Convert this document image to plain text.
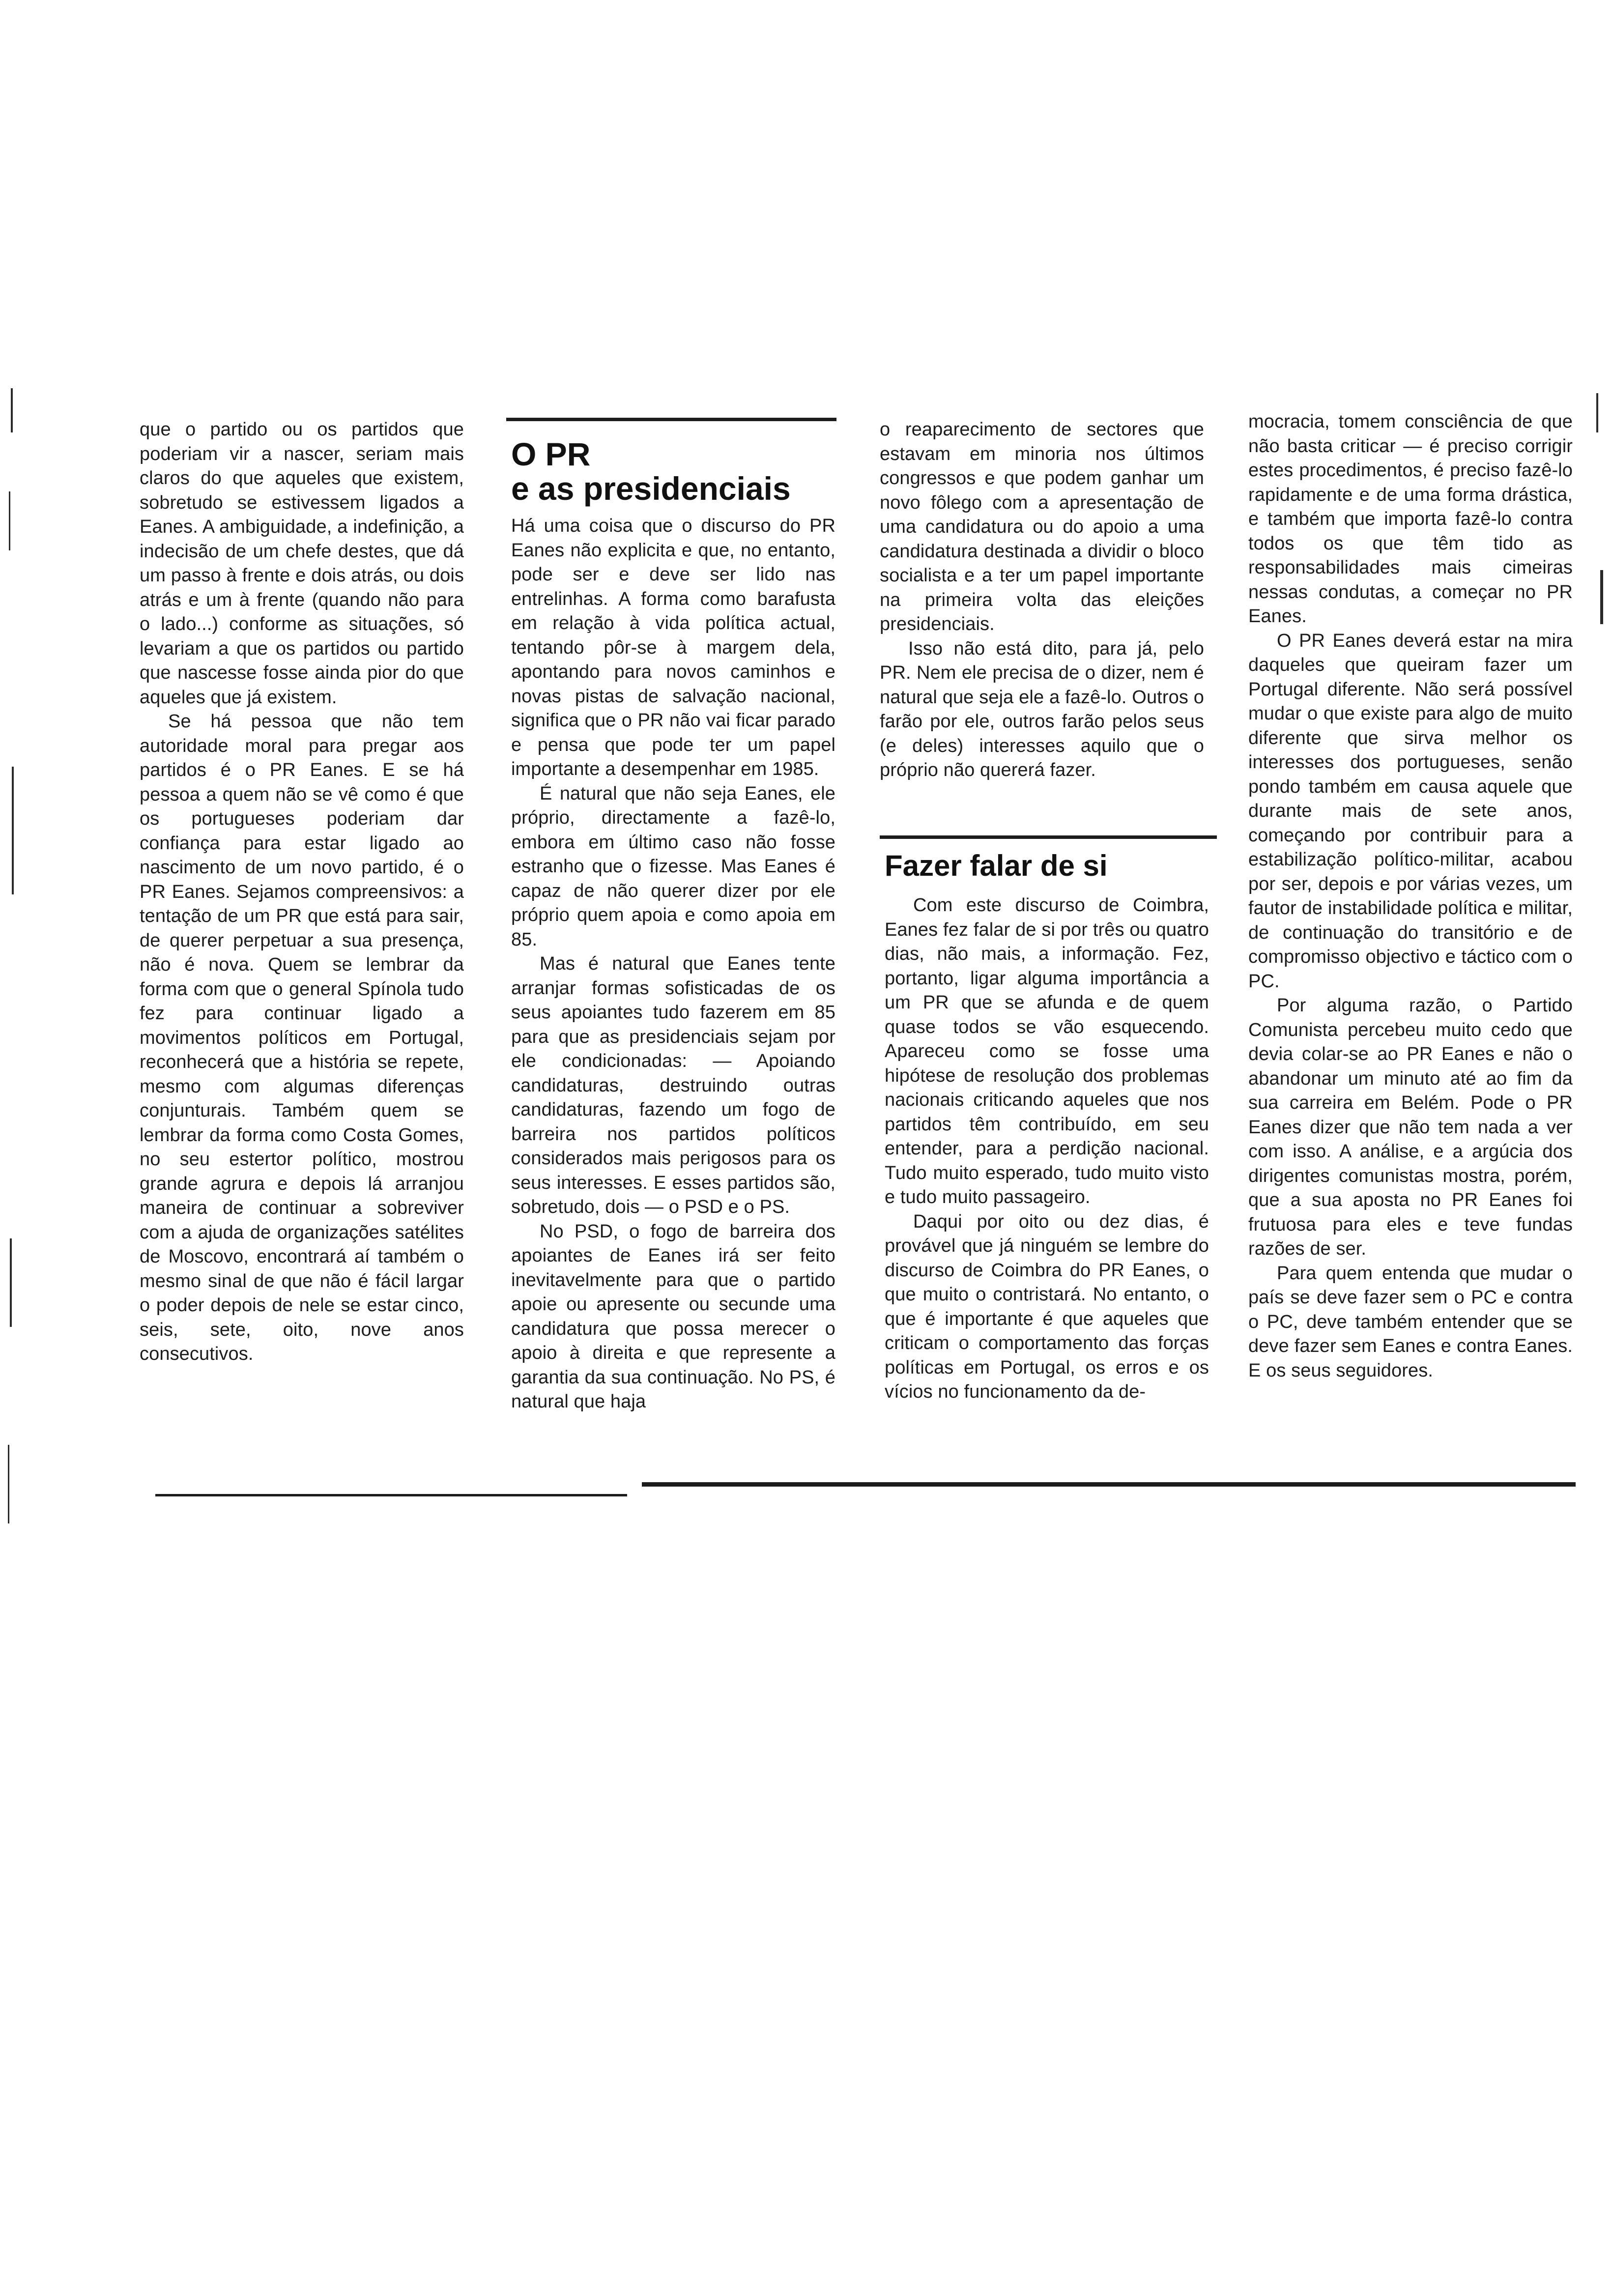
que o partido ou os partidos que poderiam vir a nascer, seriam mais claros do que aqueles que existem, sobretudo se estivessem ligados a Eanes. A ambiguidade, a indefinição, a indecisão de um chefe destes, que dá um passo à frente e dois atrás, ou dois atrás e um à frente (quando não para o lado...) conforme as situações, só levariam a que os partidos ou partido que nascesse fosse ainda pior do que aqueles que já existem.

Se há pessoa que não tem autoridade moral para pregar aos partidos é o PR Eanes. E se há pessoa a quem não se vê como é que os portugueses poderiam dar confiança para estar ligado ao nascimento de um novo partido, é o PR Eanes. Sejamos compreensivos: a tentação de um PR que está para sair, de querer perpetuar a sua presença, não é nova. Quem se lembrar da forma com que o general Spínola tudo fez para continuar ligado a movimentos políticos em Portugal, reconhecerá que a história se repete, mesmo com algumas diferenças conjunturais. Também quem se lembrar da forma como Costa Gomes, no seu estertor político, mostrou grande agrura e depois lá arranjou maneira de continuar a sobreviver com a ajuda de organizações satélites de Moscovo, encontrará aí também o mesmo sinal de que não é fácil largar o poder depois de nele se estar cinco, seis, sete, oito, nove anos consecutivos.

O PR
e as presidenciais

Há uma coisa que o discurso do PR Eanes não explicita e que, no entanto, pode ser e deve ser lido nas entrelinhas. A forma como barafusta em relação à vida política actual, tentando pôr-se à margem dela, apontando para novos caminhos e novas pistas de salvação nacional, significa que o PR não vai ficar parado e pensa que pode ter um papel importante a desempenhar em 1985.

É natural que não seja Eanes, ele próprio, directamente a fazê-lo, embora em último caso não fosse estranho que o fizesse. Mas Eanes é capaz de não querer dizer por ele próprio quem apoia e como apoia em 85.

Mas é natural que Eanes tente arranjar formas sofisticadas de os seus apoiantes tudo fazerem em 85 para que as presidenciais sejam por ele condicionadas: — Apoiando candidaturas, destruindo outras candidaturas, fazendo um fogo de barreira nos partidos políticos considerados mais perigosos para os seus interesses. E esses partidos são, sobretudo, dois — o PSD e o PS.

No PSD, o fogo de barreira dos apoiantes de Eanes irá ser feito inevitavelmente para que o partido apoie ou apresente ou secunde uma candidatura que possa merecer o apoio à direita e que represente a garantia da sua continuação. No PS, é natural que haja

o reaparecimento de sectores que estavam em minoria nos últimos congressos e que podem ganhar um novo fôlego com a apresentação de uma candidatura ou do apoio a uma candidatura destinada a dividir o bloco socialista e a ter um papel importante na primeira volta das eleições presidenciais.

Isso não está dito, para já, pelo PR. Nem ele precisa de o dizer, nem é natural que seja ele a fazê-lo. Outros o farão por ele, outros farão pelos seus (e deles) interesses aquilo que o próprio não quererá fazer.

Fazer falar de si

Com este discurso de Coimbra, Eanes fez falar de si por três ou quatro dias, não mais, a informação. Fez, portanto, ligar alguma importância a um PR que se afunda e de quem quase todos se vão esquecendo. Apareceu como se fosse uma hipótese de resolução dos problemas nacionais criticando aqueles que nos partidos têm contribuído, em seu entender, para a perdição nacional. Tudo muito esperado, tudo muito visto e tudo muito passageiro.

Daqui por oito ou dez dias, é provável que já ninguém se lembre do discurso de Coimbra do PR Eanes, o que muito o contristará. No entanto, o que é importante é que aqueles que criticam o comportamento das forças políticas em Portugal, os erros e os vícios no funcionamento da de-

mocracia, tomem consciência de que não basta criticar — é preciso corrigir estes procedimentos, é preciso fazê-lo rapidamente e de uma forma drástica, e também que importa fazê-lo contra todos os que têm tido as responsabilidades mais cimeiras nessas condutas, a começar no PR Eanes.

O PR Eanes deverá estar na mira daqueles que queiram fazer um Portugal diferente. Não será possível mudar o que existe para algo de muito diferente que sirva melhor os interesses dos portugueses, senão pondo também em causa aquele que durante mais de sete anos, começando por contribuir para a estabilização político-militar, acabou por ser, depois e por várias vezes, um fautor de instabilidade política e militar, de continuação do transitório e de compromisso objectivo e táctico com o PC.

Por alguma razão, o Partido Comunista percebeu muito cedo que devia colar-se ao PR Eanes e não o abandonar um minuto até ao fim da sua carreira em Belém. Pode o PR Eanes dizer que não tem nada a ver com isso. A análise, e a argúcia dos dirigentes comunistas mostra, porém, que a sua aposta no PR Eanes foi frutuosa para eles e teve fundas razões de ser.

Para quem entenda que mudar o país se deve fazer sem o PC e contra o PC, deve também entender que se deve fazer sem Eanes e contra Eanes. E os seus seguidores.
